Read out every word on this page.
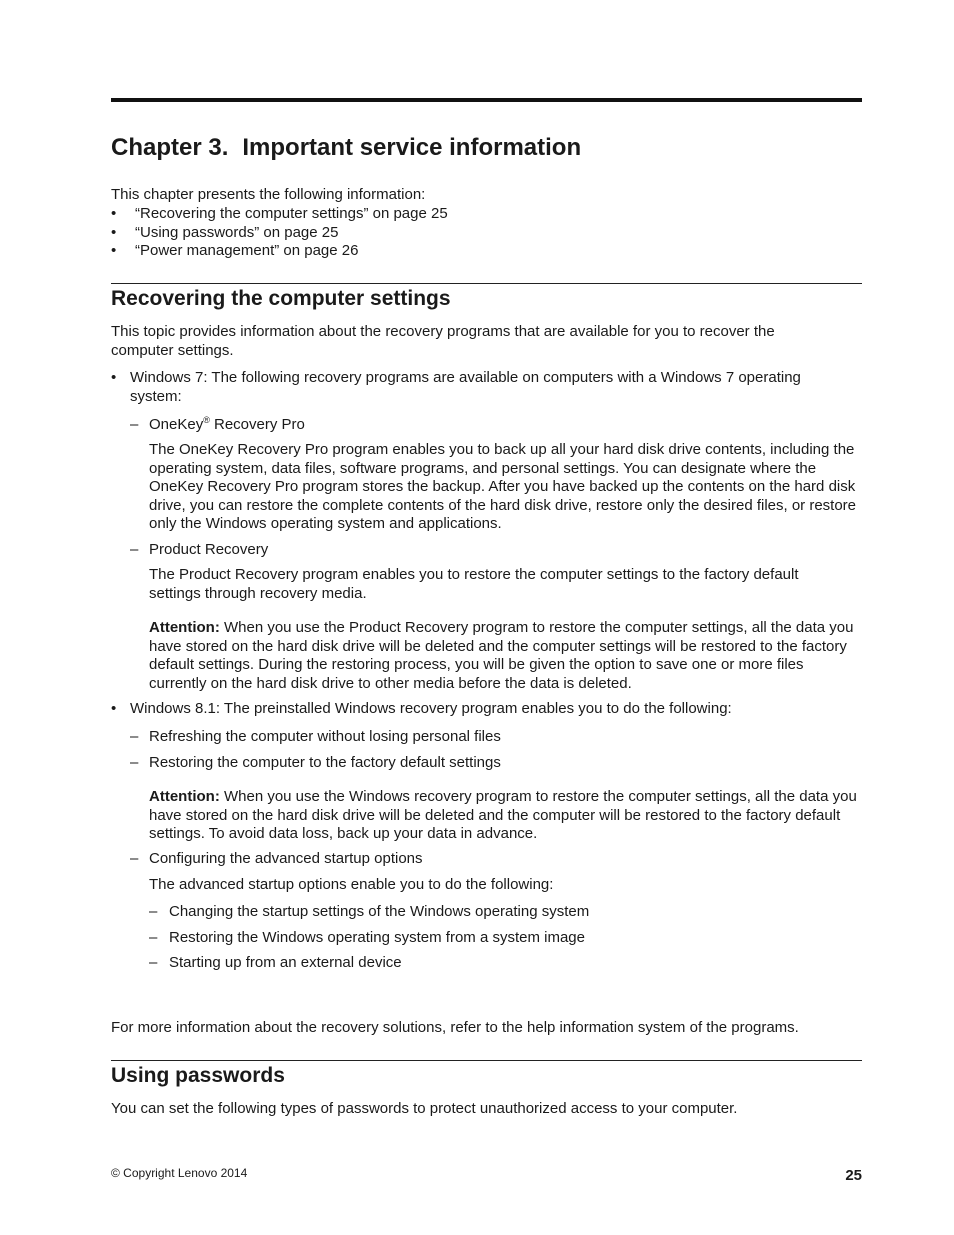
Chapter 3. Important service information

This chapter presents the following information:

• “Recovering the computer settings” on page 25

• “Using passwords” on page 25

• “Power management” on page 26

Recovering the computer settings

This topic provides information about the recovery programs that are available for you to recover the computer settings.

• Windows 7: The following recovery programs are available on computers with a Windows 7 operating system:

– OneKey® Recovery Pro

The OneKey Recovery Pro program enables you to back up all your hard disk drive contents, including the operating system, data files, software programs, and personal settings. You can designate where the OneKey Recovery Pro program stores the backup. After you have backed up the contents on the hard disk drive, you can restore the complete contents of the hard disk drive, restore only the desired files, or restore only the Windows operating system and applications.

– Product Recovery

The Product Recovery program enables you to restore the computer settings to the factory default settings through recovery media.

Attention: When you use the Product Recovery program to restore the computer settings, all the data you have stored on the hard disk drive will be deleted and the computer settings will be restored to the factory default settings. During the restoring process, you will be given the option to save one or more files currently on the hard disk drive to other media before the data is deleted.

• Windows 8.1: The preinstalled Windows recovery program enables you to do the following:

– Refreshing the computer without losing personal files

– Restoring the computer to the factory default settings

Attention: When you use the Windows recovery program to restore the computer settings, all the data you have stored on the hard disk drive will be deleted and the computer will be restored to the factory default settings. To avoid data loss, back up your data in advance.

– Configuring the advanced startup options

The advanced startup options enable you to do the following:

– Changing the startup settings of the Windows operating system

– Restoring the Windows operating system from a system image

– Starting up from an external device

For more information about the recovery solutions, refer to the help information system of the programs.

Using passwords

You can set the following types of passwords to protect unauthorized access to your computer.

© Copyright Lenovo 2014	25
